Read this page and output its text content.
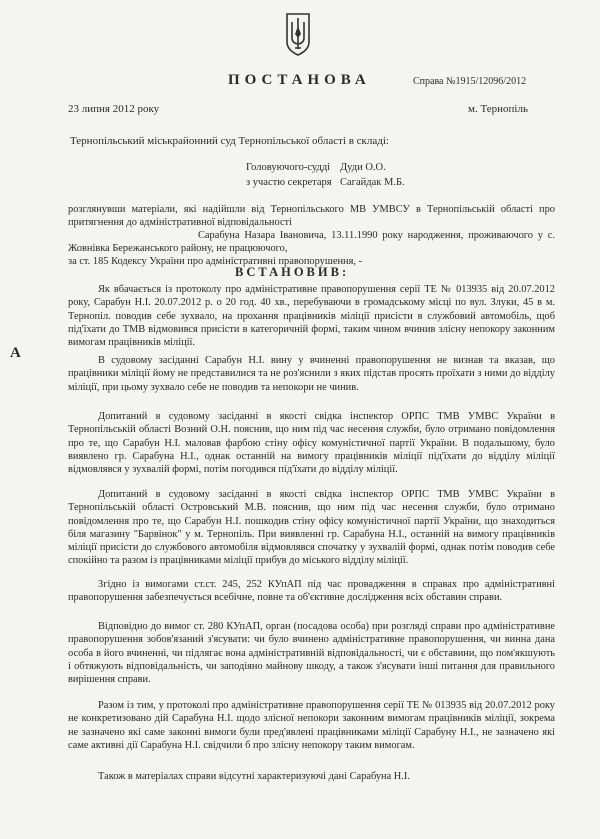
ПОСТАНОВА	Справа №1915/12096/2012
23 липня 2012 року	м. Тернопіль
Тернопільський міськрайонний суд Тернопільської області в складі:
Головуючого-судді Дуди О.О.
з участю секретаря Сагайдак М.Б.

розглянувши матеріали, які надійшли від Тернопільського МВ УМВСУ в Тернопільській області про притягнення до адміністративної відповідальності

Сарабуна Назара Івановича, 13.11.1990 року народження, проживаючого у с. Жовнівка Бережанського району, не працюючого,

за ст. 185 Кодексу України про адміністративні правопорушення, -

ВСТАНОВИВ:
А

Як вбачається із протоколу про адміністративне правопорушення серії ТЕ № 013935 від 20.07.2012 року, Сарабун Н.І. 20.07.2012 р. о 20 год. 40 хв., перебуваючи в громадському місці по вул. Злуки, 45 в м. Тернопіл. поводив себе зухвало, на прохання працівників міліції присісти в службовий автомобіль, щоб під'їхати до ТМВ відмовився присісти в категоричній формі, таким чином вчинив злісну непокору законним вимогам працівників міліції.

В судовому засіданні Сарабун Н.І. вину у вчиненні правопорушення не визнав та вказав, що працівники міліції йому не представилися та не роз'яснили з яких підстав просять проїхати з ними до відділу міліції, при цьому зухвало себе не поводив та непокори не чинив.

Допитаний в судовому засіданні в якості свідка інспектор ОРПС ТМВ УМВС України в Тернопільській області Возний О.Н. пояснив, що ним під час несення служби, було отримано повідомлення про те, що Сарабун Н.І. маловав фарбою стіну офісу комуністичної партії України. В подальшому, було виявлено гр. Сарабуна Н.І., однак останній на вимогу працівників міліції під'їхати до відділу міліції відмовлявся у зухвалій формі, потім погодився під'їхати до відділу міліції.

Допитаний в судовому засіданні в якості свідка інспектор ОРПС ТМВ УМВС України в Тернопільській області Островський М.В. пояснив, що ним під час несення служби, було отримано повідомлення про те, що Сарабун Н.І. пошкодив стіну офісу комуністичної партії України, що знаходиться біля магазину "Барвінок" у м. Тернопіль. При виявленні гр. Сарабуна Н.І., останній на вимогу працівників міліції присісти до службового автомобіля відмовлявся спочатку у зухвалій формі, однак потім поводив себе спокійно та разом із працівниками міліції прибув до міського відділу міліції.

Згідно із вимогами ст.ст. 245, 252 КУпАП під час провадження в справах про адміністративні правопорушення забезпечується всебічне, повне та об'єктивне дослідження всіх обставин справи.

Відповідно до вимог ст. 280 КУпАП, орган (посадова особа) при розгляді справи про адміністративне правопорушення зобов'язаний з'ясувати: чи було вчинено адміністративне правопорушення, чи винна дана особа в його вчиненні, чи підлягає вона адміністративній відповідальності, чи є обставини, що пом'якшують і обтяжують відповідальність, чи заподіяно майнову шкоду, а також з'ясувати інші питання для правильного вирішення справи.

Разом із тим, у протоколі про адміністративне правопорушення серії ТЕ № 013935 від 20.07.2012 року не конкретизовано дій Сарабуна Н.І. щодо злісної непокори законним вимогам працівників міліції, зокрема не зазначено які саме законні вимоги були пред'явлені працівниками міліції Сарабуну Н.І., не зазначено які саме активні дії Сарабуна Н.І. свідчили б про злісну непокору таким вимогам.

Також в матеріалах справи відсутні характеризуючі дані Сарабуна Н.І.
